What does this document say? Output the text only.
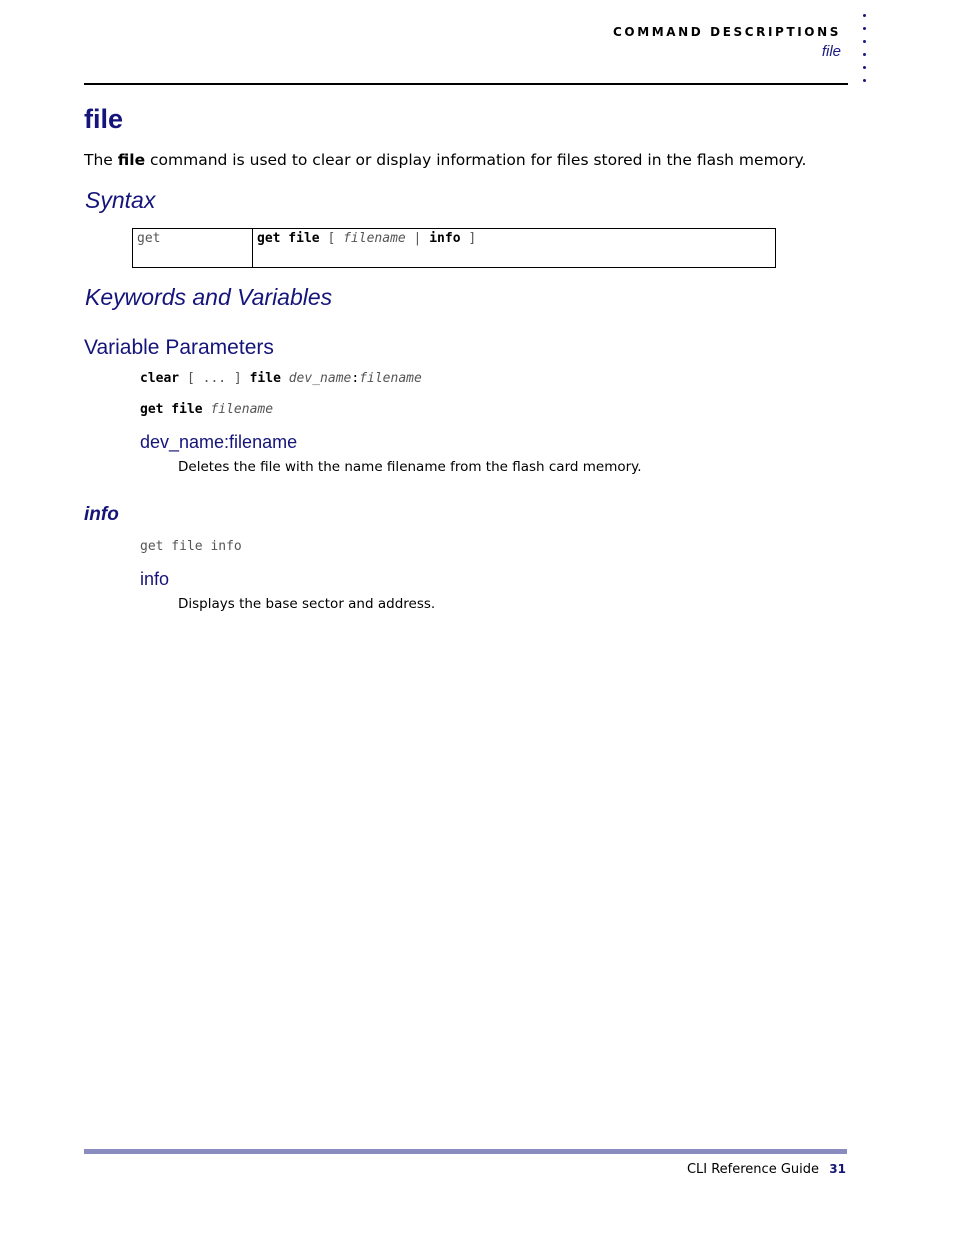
COMMAND DESCRIPTIONS
file
file
The file command is used to clear or display information for files stored in the flash memory.
Syntax
get	get file [ filename | info ]
Keywords and Variables
Variable Parameters
clear [ ... ] file dev_name:filename
get file filename
dev_name:filename
Deletes the file with the name filename from the flash card memory.
info
get file info
info
Displays the base sector and address.
CLI Reference Guide 31
